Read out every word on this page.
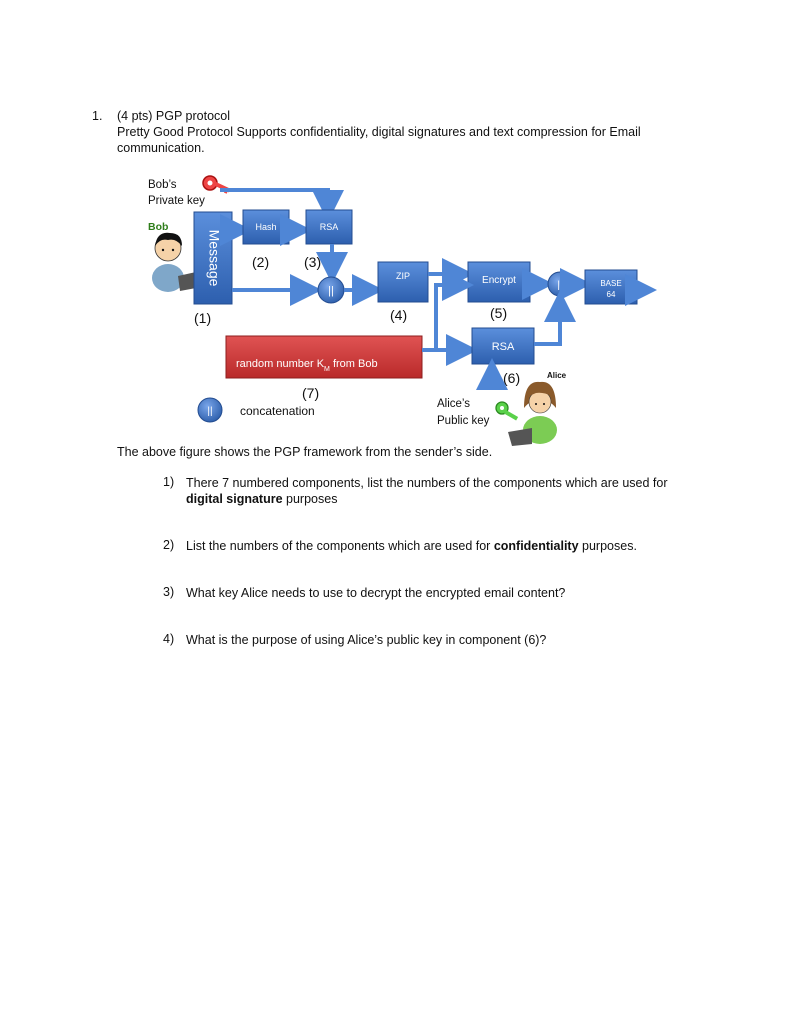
1. (4 pts) PGP protocol
Pretty Good Protocol Supports confidentiality, digital signatures and text compression for Email
communication.
Bob’s
Private key
Bob
Message
Hash	RSA
(2) (3)
||
ZIP
(1)	(4)
Encrypt
(5)
||	BASE
64
random number $K_M$ from Bob
RSA
(6)
(7)
|| concatenation
Alice
Alice’s
Public key
The above figure shows the PGP framework from the sender’s side.
1) There 7 numbered components, list the numbers of the components which are used for
digital signature purposes
2) List the numbers of the components which are used for confidentiality purposes.
3) What key Alice needs to use to decrypt the encrypted email content?
4) What is the purpose of using Alice’s public key in component (6)?
